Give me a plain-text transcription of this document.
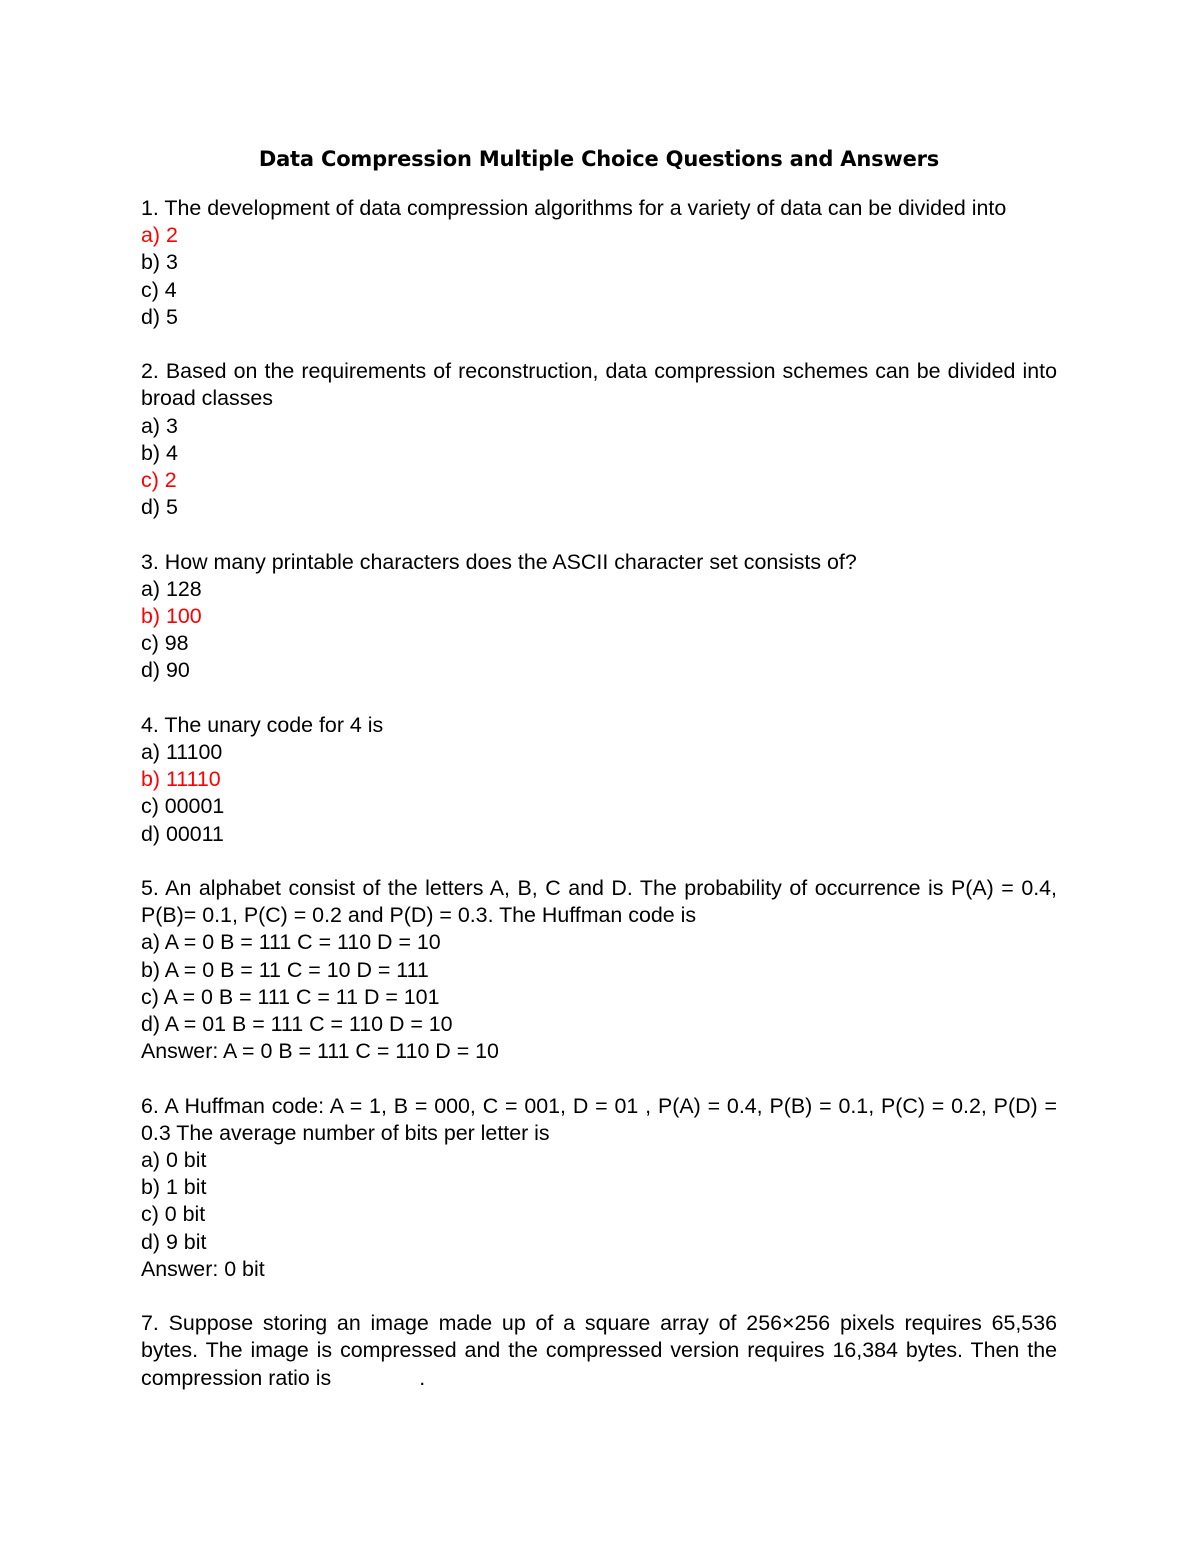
Data Compression Multiple Choice Questions and Answers
1. The development of data compression algorithms for a variety of data can be divided into
a) 2
b) 3
c) 4
d) 5
2. Based on the requirements of reconstruction, data compression schemes can be divided into broad classes
a) 3
b) 4
c) 2
d) 5
3. How many printable characters does the ASCII character set consists of?
a) 128
b) 100
c) 98
d) 90
4. The unary code for 4 is
a) 11100
b) 11110
c) 00001
d) 00011
5. An alphabet consist of the letters A, B, C and D. The probability of occurrence is P(A) = 0.4, P(B)= 0.1, P(C) = 0.2 and P(D) = 0.3. The Huffman code is
a) A = 0 B = 111 C = 110 D = 10
b) A = 0 B = 11 C = 10 D = 111
c) A = 0 B = 111 C = 11 D = 101
d) A = 01 B = 111 C = 110 D = 10
Answer: A = 0 B = 111 C = 110 D = 10
6. A Huffman code: A = 1, B = 000, C = 001, D = 01 , P(A) = 0.4, P(B) = 0.1, P(C) = 0.2, P(D) = 0.3 The average number of bits per letter is
a) 0 bit
b) 1 bit
c) 0 bit
d) 9 bit
Answer: 0 bit
7. Suppose storing an image made up of a square array of 256×256 pixels requires 65,536 bytes. The image is compressed and the compressed version requires 16,384 bytes. Then the compression ratio is	.
